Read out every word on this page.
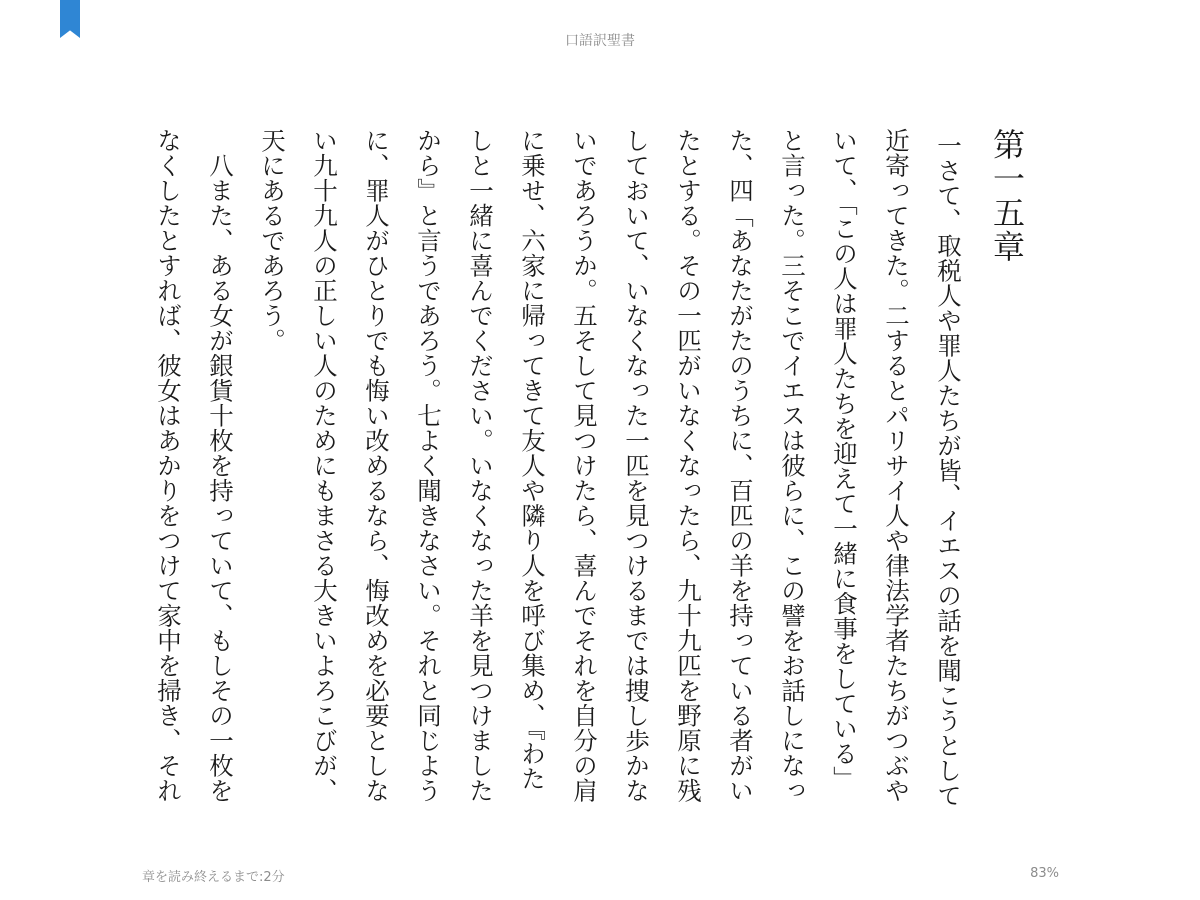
口語訳聖書
第一五章

一さて、取税人や罪人たちが皆、イエスの話を聞こうとして近寄ってきた。二するとパリサイ人や律法学者たちがつぶやいて、「この人は罪人たちを迎えて一緒に食事をしている」と言った。三そこでイエスは彼らに、この譬をお話しになった、四「あなたがたのうちに、百匹の羊を持っている者がいたとする。その一匹がいなくなったら、九十九匹を野原に残しておいて、いなくなった一匹を見つけるまでは捜し歩かないであろうか。五そして見つけたら、喜んでそれを自分の肩に乗せ、六家に帰ってきて友人や隣り人を呼び集め、『わたしと一緒に喜んでください。いなくなった羊を見つけましたから』と言うであろう。七よく聞きなさい。それと同じように、罪人がひとりでも悔い改めるなら、悔改めを必要としない九十九人の正しい人のためにもまさる大きいよろこびが、天にあるであろう。

八また、ある女が銀貨十枚を持っていて、もしその一枚をなくしたとすれば、彼女はあかりをつけて家中を掃き、それ

章を読み終えるまで:2分	83%
